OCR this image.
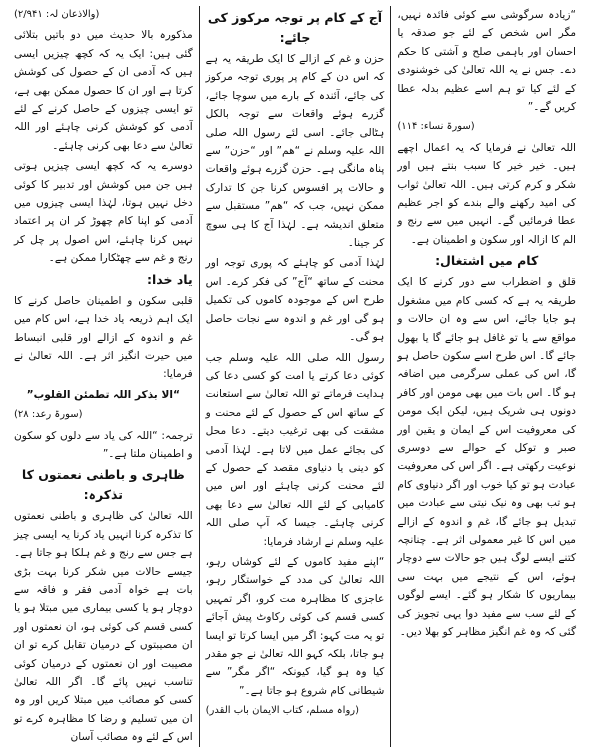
“زیادہ سرگوشی سے کوئی فائدہ نہیں، مگر اس شخص کے لئے جو صدقہ یا احسان اور باہمی صلح و آشتی کا حکم دے۔ جس نے یہ اللہ تعالیٰ کی خوشنودی کے لئے کیا تو ہم اسے عظیم بدلہ عطا کریں گے۔”

(سورۃ نساء: ۱۱۴)

اللہ تعالیٰ نے فرمایا کہ یہ اعمال اچھے ہیں۔ خیر خیر کا سبب بنتے ہیں اور شکر و کرم کرتی ہیں۔ اللہ تعالیٰ ثواب کی امید رکھنے والے بندے کو اجر عظیم عطا فرمائیں گے۔ انہیں میں سے رنج و الم کا ازالہ اور سکون و اطمینان ہے۔

کام میں اشتغال:

قلق و اضطراب سے دور کرنے کا ایک طریقہ یہ ہے کہ کسی کام میں مشغول ہو جایا جائے، اس سے وہ ان حالات و مواقع سے یا تو غافل ہو جائے گا یا بھول جائے گا۔ اس طرح اسے سکون حاصل ہو گا، اس کی عملی سرگرمی میں اضافہ ہو گا۔ اس بات میں بھی مومن اور کافر دونوں ہی شریک ہیں، لیکن ایک مومن کی معروفیت اس کے ایمان و یقین اور صبر و توکل کے حوالے سے دوسری نوعیت رکھتی ہے۔ اگر اس کی معروفیت عبادت ہو تو کیا خوب اور اگر دنیاوی کام ہو تب بھی وہ نیک نیتی سے عبادت میں تبدیل ہو جائے گا، غم و اندوہ کے ازالے میں اس کا غیر معمولی اثر ہے۔ چنانچہ کتنے ایسے لوگ ہیں جو حالات سے دوچار ہوئے، اس کے نتیجے میں بہت سی بیماریوں کا شکار ہو گئے۔ ایسے لوگوں کے لئے سب سے مفید دوا یہی تجویز کی گئی کہ وہ غم انگیز مظاہر کو بھلا دیں۔

آج کے کام پر توجہ مرکوز کی جائے:

حزن و غم کے ازالے کا ایک طریقہ یہ ہے کہ اس دن کے کام پر پوری توجہ مرکوز کی جائے، آئندہ کے بارے میں سوچا جائے، گزرے ہوئے واقعات سے توجہ بالکل ہٹالی جائے۔ اسی لئے رسول اللہ صلی اللہ علیہ وسلم نے “ھم” اور “حزن” سے پناہ مانگی ہے۔ حزن گزرے ہوئے واقعات و حالات پر افسوس کرنا جن کا تدارک ممکن نہیں، جب کہ “ھم” مستقبل سے متعلق اندیشہ ہے۔ لہٰذا آج کا ہی سوچ کر جینا۔

لہٰذا آدمی کو چاہئے کہ پوری توجہ اور محنت کے ساتھ “آج” کی فکر کرے۔ اس طرح اس کے موجودہ کاموں کی تکمیل ہو گی اور غم و اندوہ سے نجات حاصل ہو گی۔

رسول اللہ صلی اللہ علیہ وسلم جب کوئی دعا کرتے یا امت کو کسی دعا کی ہدایت فرماتے تو اللہ تعالیٰ سے استعانت کے ساتھ اس کے حصول کے لئے محنت و مشقت کی بھی ترغیب دیتے۔ دعا محل کی بجائے عمل میں لاتا ہے۔ لہٰذا آدمی کو دینی یا دنیاوی مقصد کے حصول کے لئے محنت کرنی چاہئے اور اس میں کامیابی کے لئے اللہ تعالیٰ سے دعا بھی کرنی چاہئے۔ جیسا کہ آپ صلی اللہ علیہ وسلم نے ارشاد فرمایا:

“اپنے مفید کاموں کے لئے کوشاں رہو، اللہ تعالیٰ کی مدد کے خواستگار رہو، عاجزی کا مظاہرہ مت کرو، اگر تمہیں کسی قسم کی کوئی رکاوٹ پیش آجائے تو یہ مت کہو: اگر میں ایسا کرتا تو ایسا ہو جاتا، بلکہ کہو اللہ تعالیٰ نے جو مقدر کیا وہ ہو گیا، کیونکہ “اگر مگر” سے شیطانی کام شروع ہو جاتا ہے۔”

(رواہ مسلم، کتاب الایمان باب القدر)

(والاذعان لہ: ۲/۹۴۱)

مذکورہ بالا حدیث میں دو باتیں بتلائی گئی ہیں: ایک یہ کہ کچھ چیزیں ایسی ہیں کہ آدمی ان کے حصول کی کوشش کرتا ہے اور ان کا حصول ممکن بھی ہے، تو ایسی چیزوں کے حاصل کرنے کے لئے آدمی کو کوشش کرنی چاہئے اور اللہ تعالیٰ سے دعا بھی کرنی چاہئے۔

دوسرے یہ کہ کچھ ایسی چیزیں ہوتی ہیں جن میں کوشش اور تدبیر کا کوئی دخل نہیں ہوتا، لہٰذا ایسی چیزوں میں آدمی کو اپنا کام چھوڑ کر ان پر اعتماد نہیں کرنا چاہئے، اس اصول پر چل کر رنج و غم سے چھٹکارا ممکن ہے۔

یاد خدا:

قلبی سکون و اطمینان حاصل کرنے کا ایک اہم ذریعہ یاد خدا ہے، اس کام میں غم و اندوہ کے ازالے اور قلبی انبساط میں حیرت انگیز اثر ہے۔ اللہ تعالیٰ نے فرمایا:

“الا بذکر اللہ تطمئن القلوب”

(سورۃ رعد: ۲۸)

ترجمہ: “اللہ کی یاد سے دلوں کو سکون و اطمینان ملتا ہے۔”

ظاہری و باطنی نعمتوں کا تذکرہ:

اللہ تعالیٰ کی ظاہری و باطنی نعمتوں کا تذکرہ کرنا انہیں یاد کرنا یہ ایسی چیز ہے جس سے رنج و غم ہلکا ہو جاتا ہے۔ جیسے حالات میں شکر کرنا بہت بڑی بات ہے خواہ آدمی فقر و فاقہ سے دوچار ہو یا کسی بیماری میں مبتلا ہو یا کسی قسم کی کوئی ہو، ان نعمتوں اور ان مصیبتوں کے درمیان تقابل کرے تو ان مصیبت اور ان نعمتوں کے درمیان کوئی تناسب نہیں پائے گا۔ اگر اللہ تعالیٰ کسی کو مصائب میں مبتلا کریں اور وہ ان میں تسلیم و رضا کا مظاہرہ کرے تو اس کے لئے وہ مصائب آسان
